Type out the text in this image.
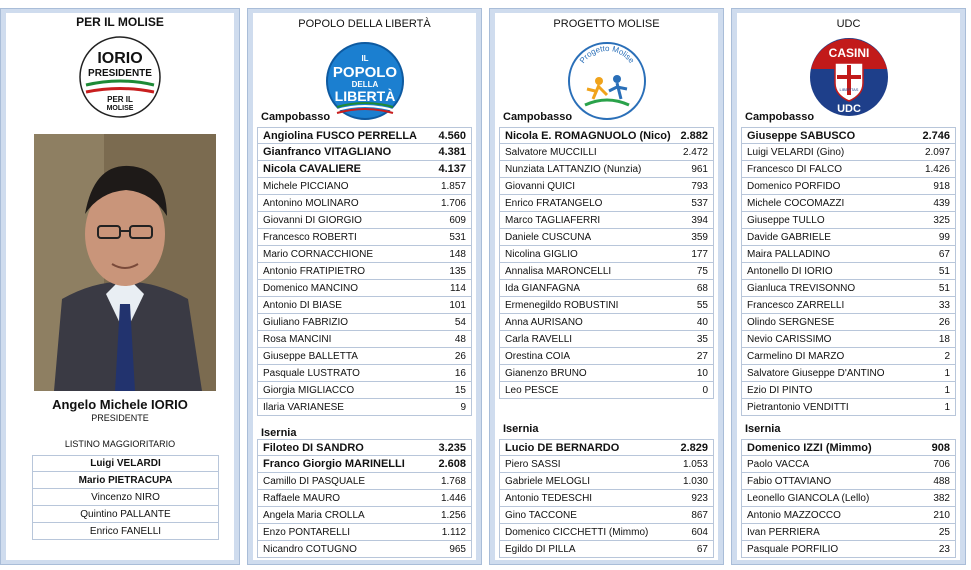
PER IL MOLISE
IORIO
PRESIDENTE
PER IL
MOLISE
Angelo Michele IORIO
PRESIDENTE
LISTINO MAGGIORITARIO
Luigi VELARDI
Mario PIETRACUPA
Vincenzo NIRO
Quintino PALLANTE
Enrico FANELLI
POPOLO DELLA LIBERTÀ
IL
POPOLO
DELLA
LIBERTÀ
Campobasso
Angiolina FUSCO PERRELLA	4.560
Gianfranco VITAGLIANO	4.381
Nicola CAVALIERE	4.137
Michele PICCIANO	1.857
Antonino MOLINARO	1.706
Giovanni DI GIORGIO	609
Francesco ROBERTI	531
Mario CORNACCHIONE	148
Antonio FRATIPIETRO	135
Domenico MANCINO	114
Antonio DI BIASE	101
Giuliano FABRIZIO	54
Rosa MANCINI	48
Giuseppe BALLETTA	26
Pasquale LUSTRATO	16
Giorgia MIGLIACCO	15
Ilaria VARIANESE	9
Isernia
Filoteo DI SANDRO	3.235
Franco Giorgio MARINELLI	2.608
Camillo DI PASQUALE	1.768
Raffaele MAURO	1.446
Angela Maria CROLLA	1.256
Enzo PONTARELLI	1.112
Nicandro COTUGNO	965
PROGETTO MOLISE
Progetto Molise
Campobasso
Nicola E. ROMAGNUOLO (Nico) 2.882
Salvatore MUCCILLI	2.472
Nunziata LATTANZIO (Nunzia)	961
Giovanni QUICI	793
Enrico FRATANGELO	537
Marco TAGLIAFERRI	394
Daniele CUSCUNÀ	359
Nicolina GIGLIO	177
Annalisa MARONCELLI	75
Ida GIANFAGNA	68
Ermenegildo ROBUSTINI	55
Anna AURISANO	40
Carla RAVELLI	35
Orestina COIA	27
Gianenzo BRUNO	10
Leo PESCE	0
Isernia
Lucio DE BERNARDO	2.829
Piero SASSI	1.053
Gabriele MELOGLI	1.030
Antonio TEDESCHI	923
Gino TACCONE	867
Domenico CICCHETTI (Mimmo)	604
Egildo DI PILLA	67
UDC
CASINI
LIBERTAS
UDC
Campobasso
Giuseppe SABUSCO	2.746
Luigi VELARDI (Gino)	2.097
Francesco DI FALCO	1.426
Domenico PORFIDO	918
Michele COCOMAZZI	439
Giuseppe TULLO	325
Davide GABRIELE	99
Maira PALLADINO	67
Antonello DI IORIO	51
Gianluca TREVISONNO	51
Francesco ZARRELLI	33
Olindo SERGNESE	26
Nevio CARISSIMO	18
Carmelino DI MARZO	2
Salvatore Giuseppe D'ANTINO	1
Ezio DI PINTO	1
Pietrantonio VENDITTI	1
Isernia
Domenico IZZI (Mimmo)	908
Paolo VACCA	706
Fabio OTTAVIANO	488
Leonello GIANCOLA (Lello)	382
Antonio MAZZOCCO	210
Ivan PERRIERA	25
Pasquale PORFILIO	23
